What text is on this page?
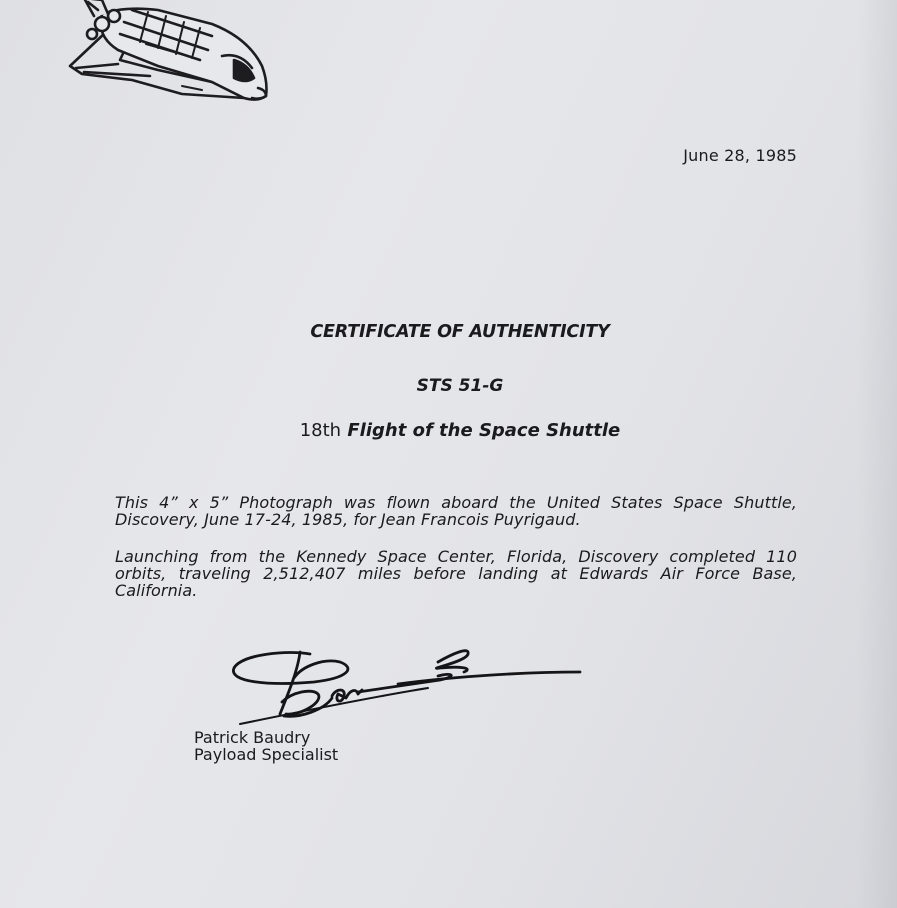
June 28, 1985
CERTIFICATE OF AUTHENTICITY
STS 51-G
18th Flight of the Space Shuttle
This 4” x 5” Photograph was flown aboard the United States Space Shuttle, Discovery, June 17-24, 1985, for Jean Francois Puyrigaud.
Launching from the Kennedy Space Center, Florida, Discovery completed 110 orbits, traveling 2,512,407 miles before landing at Edwards Air Force Base, California.
Patrick Baudry
Payload Specialist
